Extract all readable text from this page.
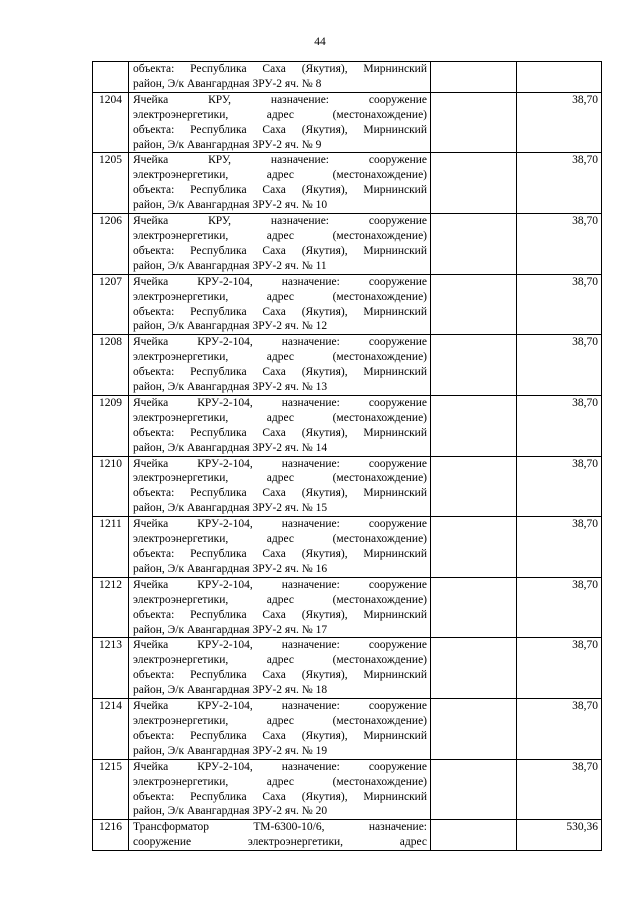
44

	объекта: Республика Саха (Якутия), Мирнинский
район, Э/к Авангардная ЗРУ-2 яч. № 8		

1204	Ячейка КРУ, назначение: сооружение
электроэнергетики, адрес (местонахождение)
объекта: Республика Саха (Якутия), Мирнинский
район, Э/к Авангардная ЗРУ-2 яч. № 9		38,70
1205	Ячейка КРУ, назначение: сооружение
электроэнергетики, адрес (местонахождение)
объекта: Республика Саха (Якутия), Мирнинский
район, Э/к Авангардная ЗРУ-2 яч. № 10		38,70
1206	Ячейка КРУ, назначение: сооружение
электроэнергетики, адрес (местонахождение)
объекта: Республика Саха (Якутия), Мирнинский
район, Э/к Авангардная ЗРУ-2 яч. № 11		38,70
1207	Ячейка КРУ-2-104, назначение: сооружение
электроэнергетики, адрес (местонахождение)
объекта: Республика Саха (Якутия), Мирнинский
район, Э/к Авангардная ЗРУ-2 яч. № 12		38,70
1208	Ячейка КРУ-2-104, назначение: сооружение
электроэнергетики, адрес (местонахождение)
объекта: Республика Саха (Якутия), Мирнинский
район, Э/к Авангардная ЗРУ-2 яч. № 13		38,70
1209	Ячейка КРУ-2-104, назначение: сооружение
электроэнергетики, адрес (местонахождение)
объекта: Республика Саха (Якутия), Мирнинский
район, Э/к Авангардная ЗРУ-2 яч. № 14		38,70
1210	Ячейка КРУ-2-104, назначение: сооружение
электроэнергетики, адрес (местонахождение)
объекта: Республика Саха (Якутия), Мирнинский
район, Э/к Авангардная ЗРУ-2 яч. № 15		38,70
1211	Ячейка КРУ-2-104, назначение: сооружение
электроэнергетики, адрес (местонахождение)
объекта: Республика Саха (Якутия), Мирнинский
район, Э/к Авангардная ЗРУ-2 яч. № 16		38,70
1212	Ячейка КРУ-2-104, назначение: сооружение
электроэнергетики, адрес (местонахождение)
объекта: Республика Саха (Якутия), Мирнинский
район, Э/к Авангардная ЗРУ-2 яч. № 17		38,70
1213	Ячейка КРУ-2-104, назначение: сооружение
электроэнергетики, адрес (местонахождение)
объекта: Республика Саха (Якутия), Мирнинский
район, Э/к Авангардная ЗРУ-2 яч. № 18		38,70
1214	Ячейка КРУ-2-104, назначение: сооружение
электроэнергетики, адрес (местонахождение)
объекта: Республика Саха (Якутия), Мирнинский
район, Э/к Авангардная ЗРУ-2 яч. № 19		38,70
1215	Ячейка КРУ-2-104, назначение: сооружение
электроэнергетики, адрес (местонахождение)
объекта: Республика Саха (Якутия), Мирнинский
район, Э/к Авангардная ЗРУ-2 яч. № 20		38,70
1216	Трансформатор ТМ-6300-10/6, назначение:
сооружение электроэнергетики, адрес		530,36
